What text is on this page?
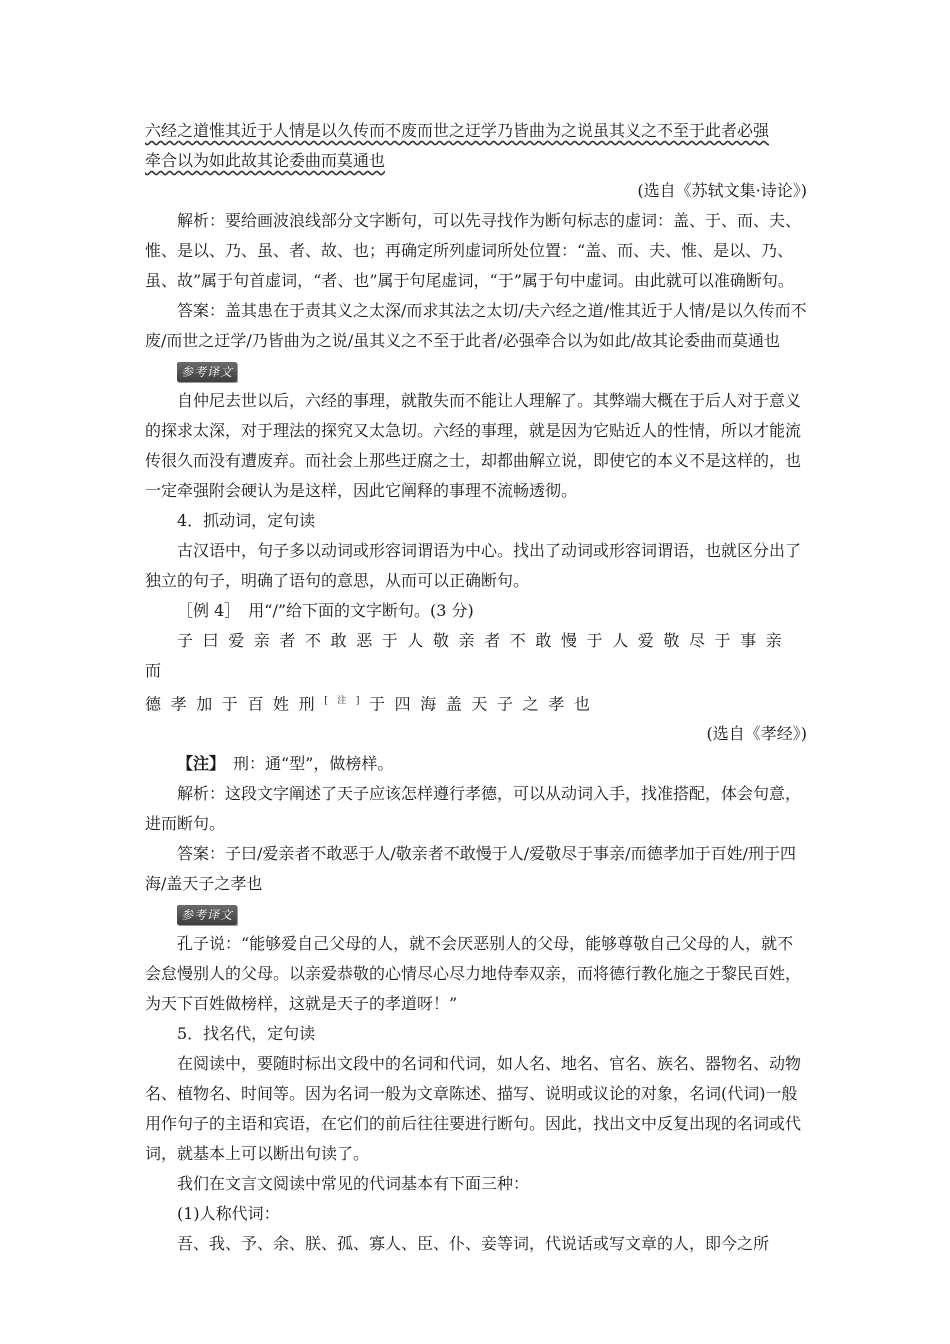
六经之道惟其近于人情是以久传而不废而世之迂学乃皆曲为之说虽其义之不至于此者必强

牵合以为如此故其论委曲而莫通也

(选自《苏轼文集·诗论》)

解析：要给画波浪线部分文字断句，可以先寻找作为断句标志的虚词：盖、于、而、夫、惟、是以、乃、虽、者、故、也；再确定所列虚词所处位置：“盖、而、夫、惟、是以、乃、虽、故”属于句首虚词，“者、也”属于句尾虚词，“于”属于句中虚词。由此就可以准确断句。

答案：盖其患在于责其义之太深/而求其法之太切/夫六经之道/惟其近于人情/是以久传而不废/而世之迂学/乃皆曲为之说/虽其义之不至于此者/必强牵合以为如此/故其论委曲而莫通也

参考译文

自仲尼去世以后，六经的事理，就散失而不能让人理解了。其弊端大概在于后人对于意义的探求太深，对于理法的探究又太急切。六经的事理，就是因为它贴近人的性情，所以才能流传很久而没有遭废弃。而社会上那些迂腐之士，却都曲解立说，即使它的本义不是这样的，也一定牵强附会硬认为是这样，因此它阐释的事理不流畅透彻。

4．抓动词，定句读

古汉语中，句子多以动词或形容词谓语为中心。找出了动词或形容词谓语，也就区分出了独立的句子，明确了语句的意思，从而可以正确断句。

［例 4］　用“/”给下面的文字断句。(3 分)

子曰爱亲者不敢恶于人敬亲者不敢慢于人爱敬尽于事亲而

德孝加于百姓刑[注]于四海盖天子之孝也

(选自《孝经》)

【注】　刑：通“型”，做榜样。

解析：这段文字阐述了天子应该怎样遵行孝德，可以从动词入手，找准搭配，体会句意，进而断句。

答案：子曰/爱亲者不敢恶于人/敬亲者不敢慢于人/爱敬尽于事亲/而德孝加于百姓/刑于四海/盖天子之孝也

参考译文

孔子说：“能够爱自己父母的人，就不会厌恶别人的父母，能够尊敬自己父母的人，就不会怠慢别人的父母。以亲爱恭敬的心情尽心尽力地侍奉双亲，而将德行教化施之于黎民百姓，为天下百姓做榜样，这就是天子的孝道呀！”

5．找名代，定句读

在阅读中，要随时标出文段中的名词和代词，如人名、地名、官名、族名、器物名、动物名、植物名、时间等。因为名词一般为文章陈述、描写、说明或议论的对象，名词(代词)一般用作句子的主语和宾语，在它们的前后往往要进行断句。因此，找出文中反复出现的名词或代词，就基本上可以断出句读了。

我们在文言文阅读中常见的代词基本有下面三种：

(1)人称代词：

吾、我、予、余、朕、孤、寡人、臣、仆、妾等词，代说话或写文章的人，即今之所
